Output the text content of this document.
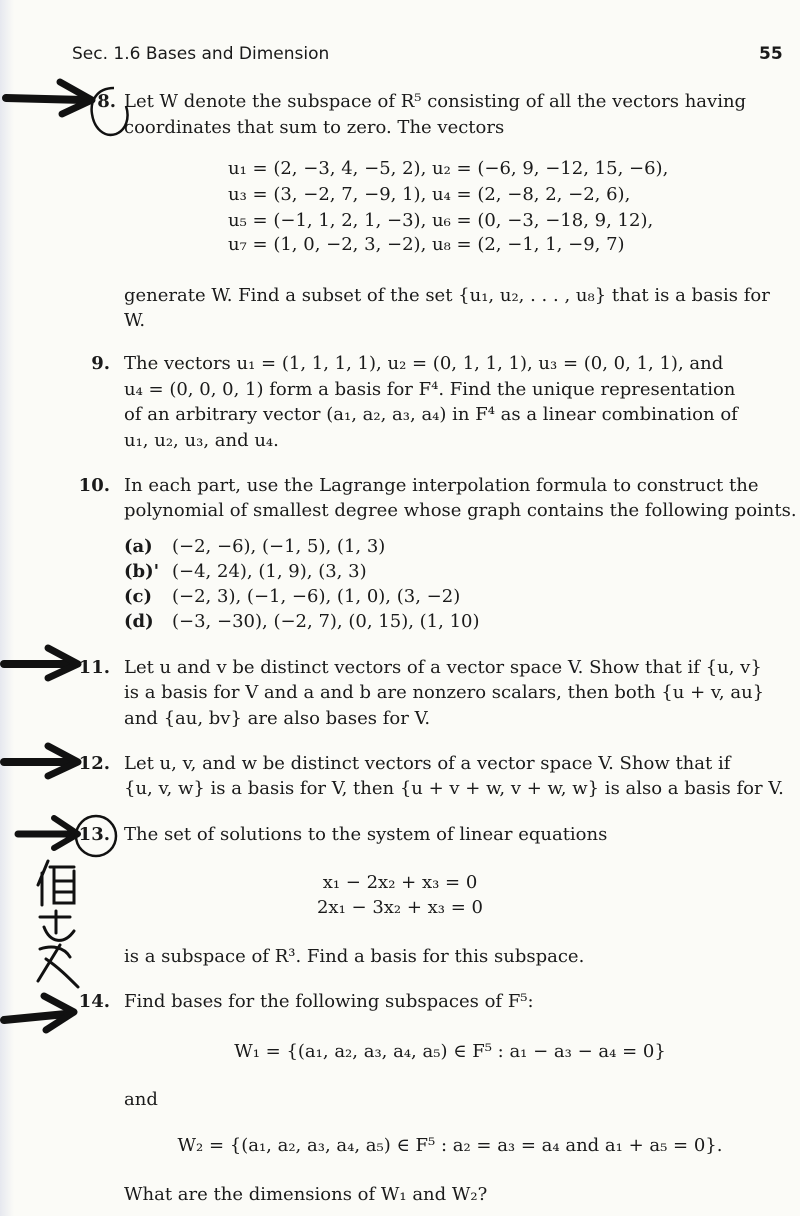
Sec. 1.6 Bases and Dimension	55
8. Let W denote the subspace of R⁵ consisting of all the vectors having
coordinates that sum to zero. The vectors
u₁ = (2, −3, 4, −5, 2), u₂ = (−6, 9, −12, 15, −6),
u₃ = (3, −2, 7, −9, 1), u₄ = (2, −8, 2, −2, 6),
u₅ = (−1, 1, 2, 1, −3), u₆ = (0, −3, −18, 9, 12),
u₇ = (1, 0, −2, 3, −2), u₈ = (2, −1, 1, −9, 7)
generate W. Find a subset of the set {u₁, u₂, . . . , u₈} that is a basis for
W.
9. The vectors u₁ = (1, 1, 1, 1), u₂ = (0, 1, 1, 1), u₃ = (0, 0, 1, 1), and
u₄ = (0, 0, 0, 1) form a basis for F⁴. Find the unique representation
of an arbitrary vector (a₁, a₂, a₃, a₄) in F⁴ as a linear combination of
u₁, u₂, u₃, and u₄.
10. In each part, use the Lagrange interpolation formula to construct the
polynomial of smallest degree whose graph contains the following points.
(a) (−2, −6), (−1, 5), (1, 3)
(b)' (−4, 24), (1, 9), (3, 3)
(c) (−2, 3), (−1, −6), (1, 0), (3, −2)
(d) (−3, −30), (−2, 7), (0, 15), (1, 10)
11. Let u and v be distinct vectors of a vector space V. Show that if {u, v}
is a basis for V and a and b are nonzero scalars, then both {u + v, au}
and {au, bv} are also bases for V.
12. Let u, v, and w be distinct vectors of a vector space V. Show that if
{u, v, w} is a basis for V, then {u + v + w, v + w, w} is also a basis for V.
13. The set of solutions to the system of linear equations
x₁ − 2x₂ + x₃ = 0
2x₁ − 3x₂ + x₃ = 0
is a subspace of R³. Find a basis for this subspace.
14. Find bases for the following subspaces of F⁵:
W₁ = {(a₁, a₂, a₃, a₄, a₅) ∈ F⁵ : a₁ − a₃ − a₄ = 0}
and
W₂ = {(a₁, a₂, a₃, a₄, a₅) ∈ F⁵ : a₂ = a₃ = a₄ and a₁ + a₅ = 0}.
What are the dimensions of W₁ and W₂?
